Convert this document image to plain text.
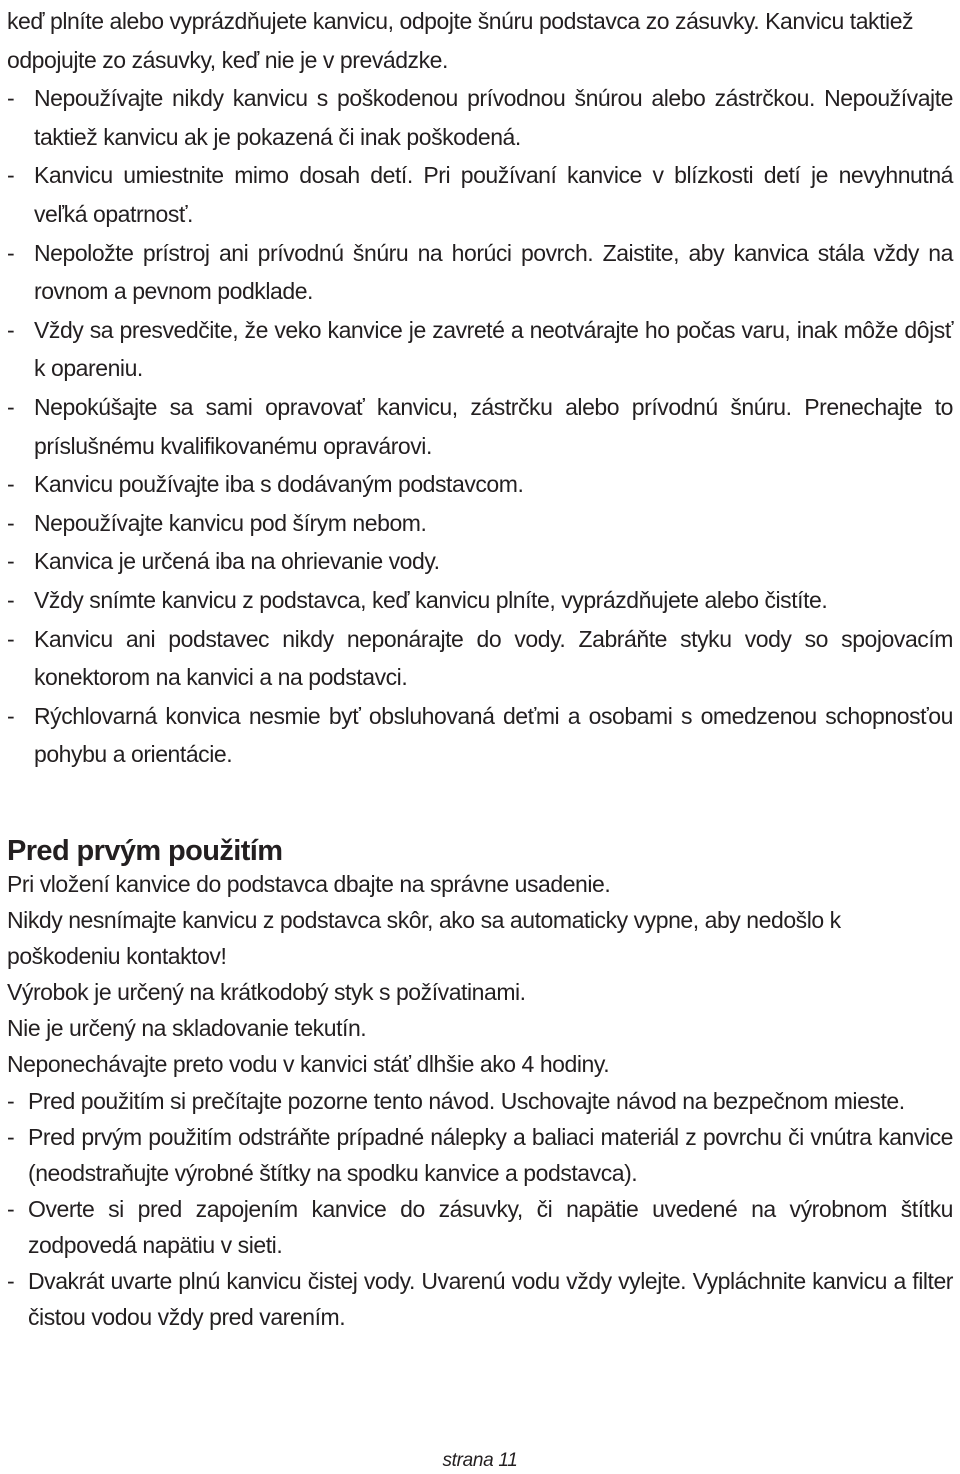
keď plníte alebo vyprázdňujete kanvicu, odpojte šnúru podstavca zo zásuvky. Kanvicu taktiež odpojujte zo zásuvky, keď nie je v prevádzke.

- Nepoužívajte nikdy kanvicu s poškodenou prívodnou šnúrou alebo zástrčkou. Nepoužívajte taktiež kanvicu ak je pokazená či inak poškodená.
- Kanvicu umiestnite mimo dosah detí. Pri používaní kanvice v blízkosti detí je nevyhnutná veľká opatrnosť.
- Nepoložte prístroj ani prívodnú šnúru na horúci povrch. Zaistite, aby kanvica stála vždy na rovnom a pevnom podklade.
- Vždy sa presvedčite, že veko kanvice je zavreté a neotvárajte ho počas varu, inak môže dôjsť k opareniu.
- Nepokúšajte sa sami opravovať kanvicu, zástrčku alebo prívodnú šnúru. Prenechajte to príslušnému kvalifikovanému opravárovi.
- Kanvicu používajte iba s dodávaným podstavcom.
- Nepoužívajte kanvicu pod šírym nebom.
- Kanvica je určená iba na ohrievanie vody.
- Vždy snímte kanvicu z podstavca, keď kanvicu plníte, vyprázdňujete alebo čistíte.
- Kanvicu ani podstavec nikdy neponárajte do vody. Zabráňte styku vody so spojovacím konektorom na kanvici a na podstavci.
- Rýchlovarná konvica nesmie byť obsluhovaná deťmi a osobami s omedzenou schopnosťou pohybu a orientácie.
Pred prvým použitím

Pri vložení kanvice do podstavca dbajte na správne usadenie.

Nikdy nesnímajte kanvicu z podstavca skôr, ako sa automaticky vypne, aby nedošlo k poškodeniu kontaktov!

Výrobok je určený na krátkodobý styk s požívatinami.

Nie je určený na skladovanie tekutín.

Neponechávajte preto vodu v kanvici stáť dlhšie ako 4 hodiny.

- Pred použitím si prečítajte pozorne tento návod. Uschovajte návod na bezpečnom mieste.
- Pred prvým použitím odstráňte prípadné nálepky a baliaci materiál z povrchu či vnútra kanvice (neodstraňujte výrobné štítky na spodku kanvice a podstavca).
- Overte si pred zapojením kanvice do zásuvky, či napätie uvedené na výrobnom štítku zodpovedá napätiu v sieti.
- Dvakrát uvarte plnú kanvicu čistej vody. Uvarenú vodu vždy vylejte. Vypláchnite kanvicu a filter čistou vodou vždy pred varením.
strana 11
